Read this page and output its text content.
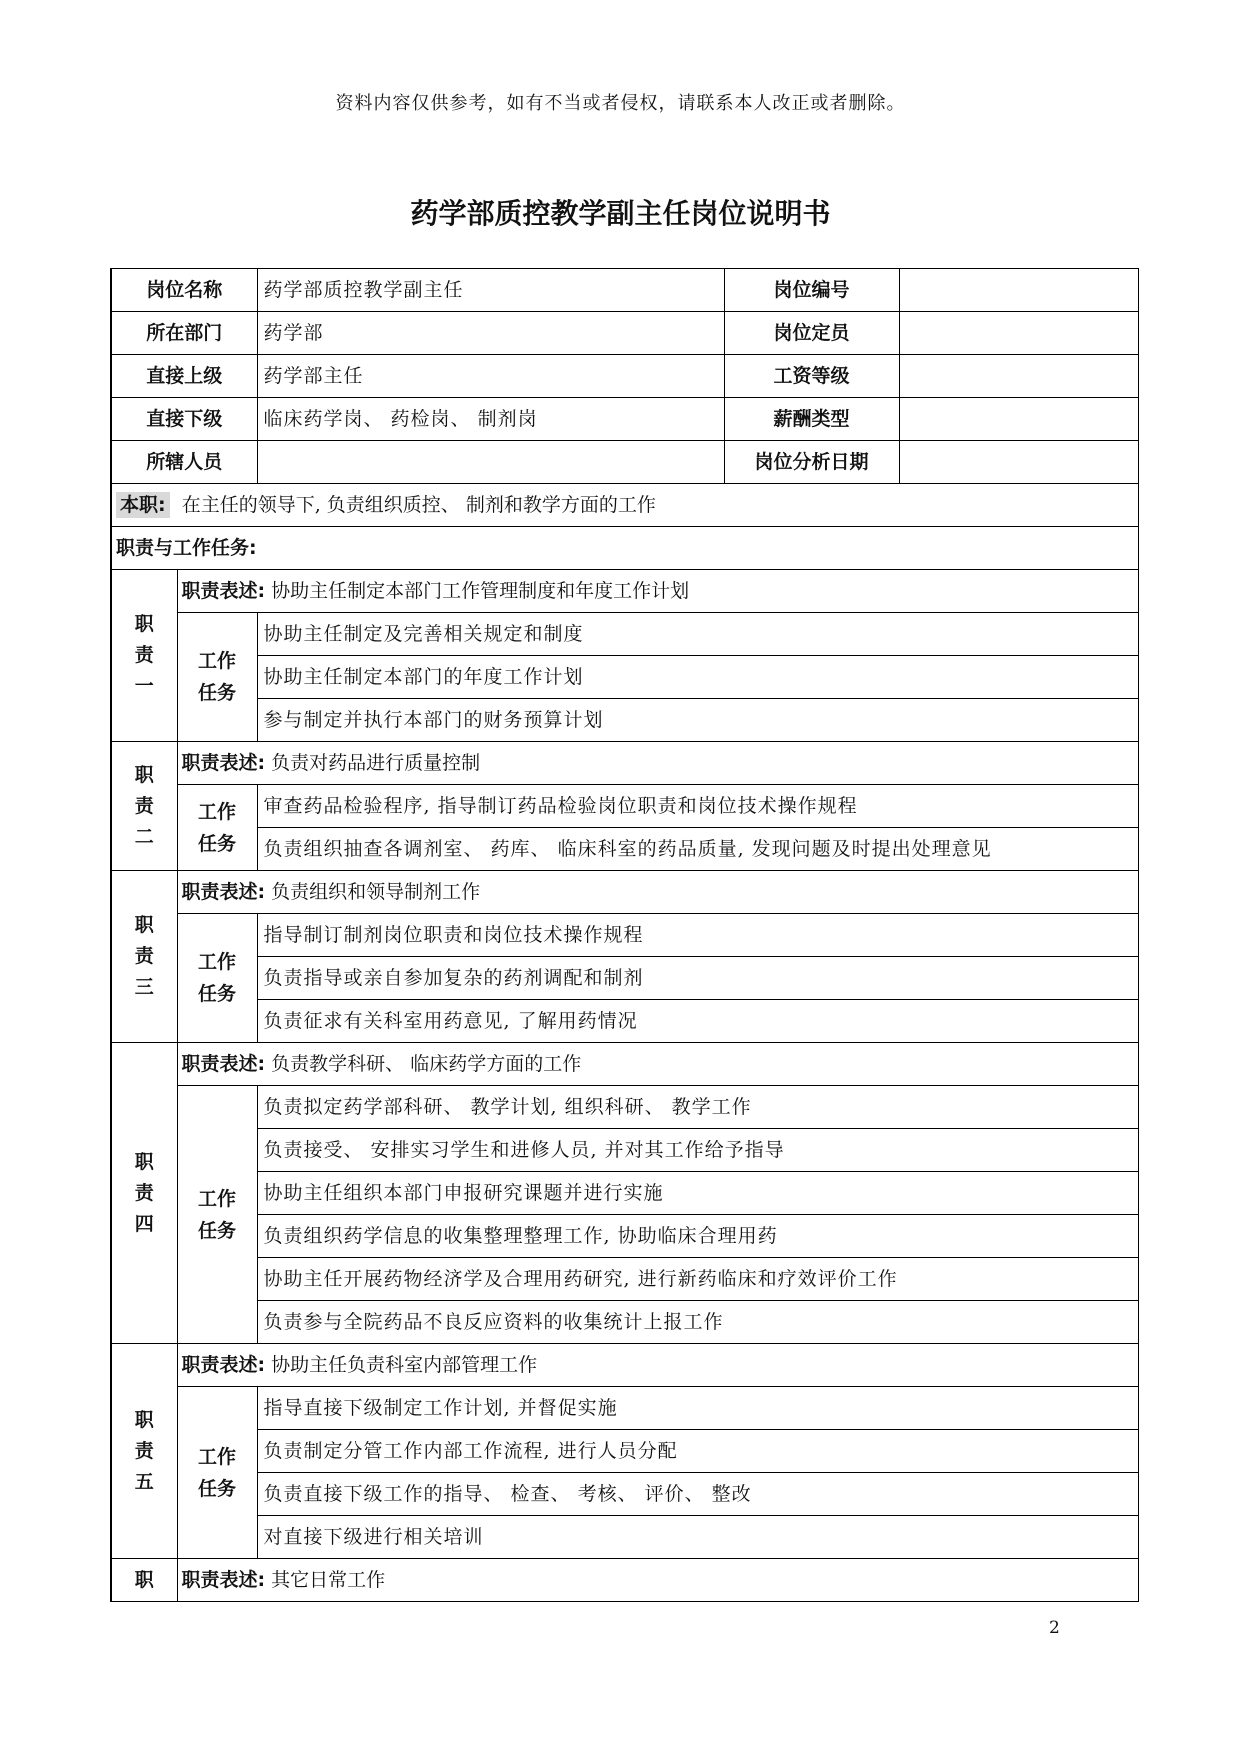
资料内容仅供参考，如有不当或者侵权，请联系本人改正或者删除。
药学部质控教学副主任岗位说明书
岗位名称		药学部质控教学副主任	岗位编号	
所在部门		药学部	岗位定员	
直接上级		药学部主任	工资等级	
直接下级		临床药学岗、 药检岗、 制剂岗	薪酬类型	
所辖人员			岗位分析日期	
本职: 在主任的领导下, 负责组织质控、 制剂和教学方面的工作				
职责与工作任务:				

职
责
一	职责表述: 协助主任制定本部门工作管理制度和年度工作计划			

	工作
任务	协助主任制定及完善相关规定和制度		
		协助主任制定本部门的年度工作计划		
		参与制定并执行本部门的财务预算计划		

职
责
二	职责表述: 负责对药品进行质量控制			

	工作
任务	审查药品检验程序, 指导制订药品检验岗位职责和岗位技术操作规程		
		负责组织抽查各调剂室、 药库、 临床科室的药品质量, 发现问题及时提出处理意见		

职
责
三	职责表述: 负责组织和领导制剂工作			

	工作
任务	指导制订制剂岗位职责和岗位技术操作规程		
		负责指导或亲自参加复杂的药剂调配和制剂		
		负责征求有关科室用药意见, 了解用药情况		

职
责
四	职责表述: 负责教学科研、 临床药学方面的工作			

	工作
任务	负责拟定药学部科研、 教学计划, 组织科研、 教学工作		
		负责接受、 安排实习学生和进修人员, 并对其工作给予指导		
		协助主任组织本部门申报研究课题并进行实施		
		负责组织药学信息的收集整理整理工作, 协助临床合理用药		
		协助主任开展药物经济学及合理用药研究, 进行新药临床和疗效评价工作		
		负责参与全院药品不良反应资料的收集统计上报工作		

职
责
五	职责表述: 协助主任负责科室内部管理工作			

	工作
任务	指导直接下级制定工作计划, 并督促实施		
		负责制定分管工作内部工作流程, 进行人员分配		
		负责直接下级工作的指导、 检查、 考核、 评价、 整改		
		对直接下级进行相关培训		
职	职责表述: 其它日常工作			
2
